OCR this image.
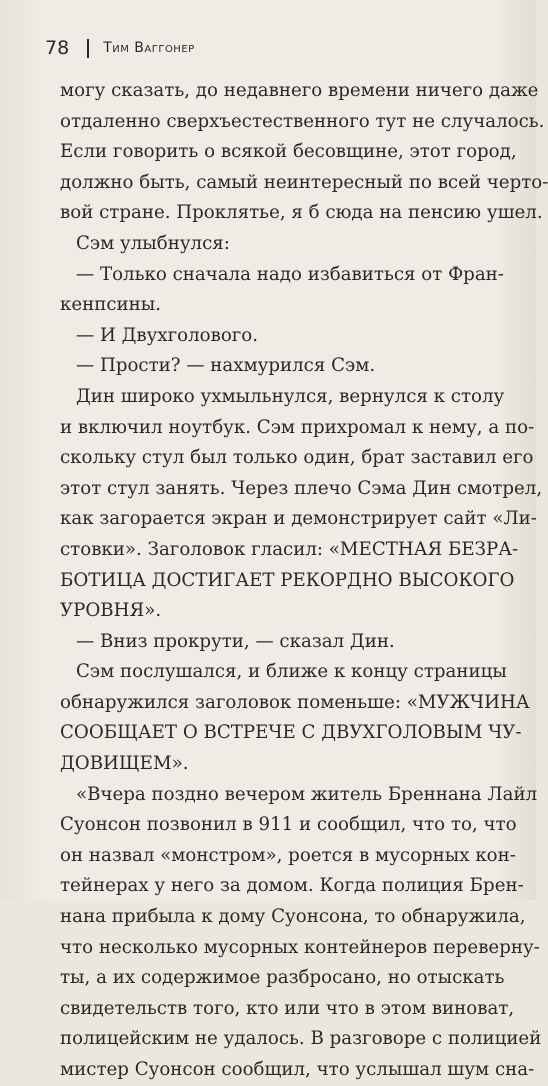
78 Тим Ваггонер
могу сказать, до недавнего времени ничего даже
отдаленно сверхъестественного тут не случалось.
Если говорить о всякой бесовщине, этот город,
должно быть, самый неинтересный по всей черто-
вой стране. Проклятье, я б сюда на пенсию ушел.
Сэм улыбнулся:
— Только сначала надо избавиться от Фран-
кенпсины.
— И Двухголового.
— Прости? — нахмурился Сэм.
Дин широко ухмыльнулся, вернулся к столу
и включил ноутбук. Сэм прихромал к нему, а по-
скольку стул был только один, брат заставил его
этот стул занять. Через плечо Сэма Дин смотрел,
как загорается экран и демонстрирует сайт «Ли-
стовки». Заголовок гласил: «МЕСТНАЯ БЕЗРА-
БОТИЦА ДОСТИГАЕТ РЕКОРДНО ВЫСОКОГО
УРОВНЯ».
— Вниз прокрути, — сказал Дин.
Сэм послушался, и ближе к концу страницы
обнаружился заголовок поменьше: «МУЖЧИНА
СООБЩАЕТ О ВСТРЕЧЕ С ДВУХГОЛОВЫМ ЧУ-
ДОВИЩЕМ».
«Вчера поздно вечером житель Бреннана Лайл
Суонсон позвонил в 911 и сообщил, что то, что
он назвал «монстром», роется в мусорных кон-
тейнерах у него за домом. Когда полиция Брен-
нана прибыла к дому Суонсона, то обнаружила,
что несколько мусорных контейнеров переверну-
ты, а их содержимое разбросано, но отыскать
свидетельств того, кто или что в этом виноват,
полицейским не удалось. В разговоре с полицией
мистер Суонсон сообщил, что услышал шум сна-
